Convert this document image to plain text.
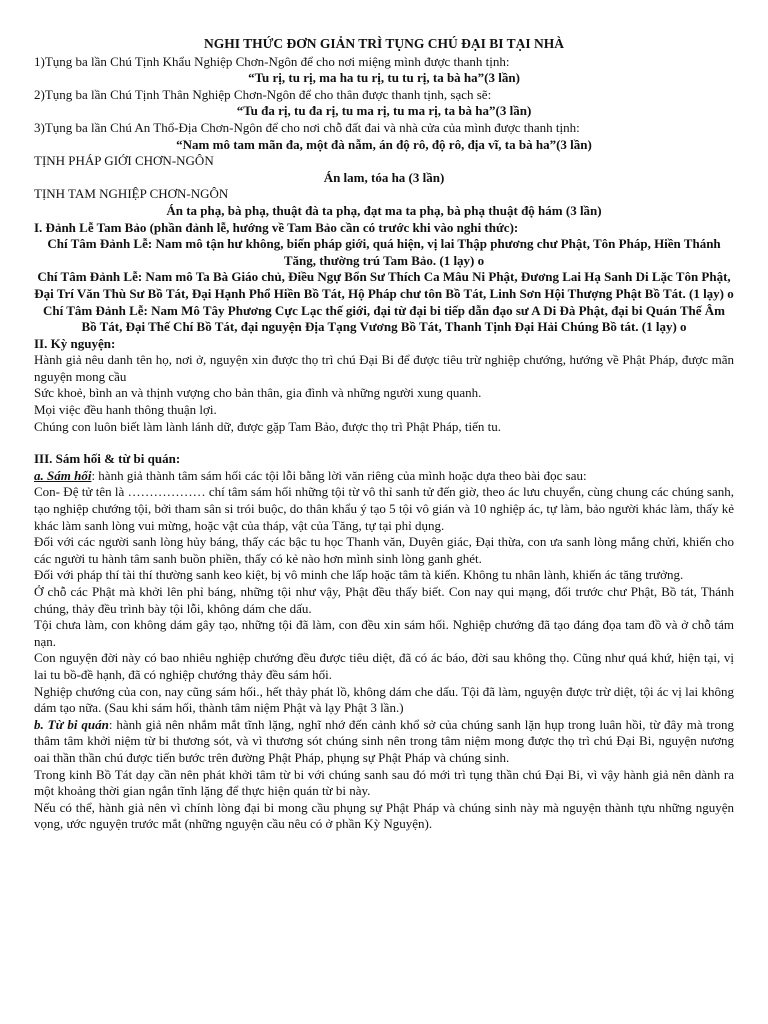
NGHI THỨC ĐƠN GIẢN TRÌ TỤNG CHÚ ĐẠI BI TẠI NHÀ

1)Tụng ba lần Chú Tịnh Khẩu Nghiệp Chơn-Ngôn để cho nơi miệng mình được thanh tịnh:

“Tu rị, tu rị, ma ha tu rị, tu tu rị, ta bà ha”(3 lần)

2)Tụng ba lần Chú Tịnh Thân Nghiệp Chơn-Ngôn để cho thân được thanh tịnh, sạch sẽ:

“Tu đa rị, tu đa rị, tu ma rị, tu ma rị, ta bà ha”(3 lần)

3)Tụng ba lần Chú An Thổ-Địa Chơn-Ngôn để cho nơi chỗ đất đai và nhà cửa của mình được thanh tịnh:

“Nam mô tam mãn đa, một đà nẫm, án độ rô, độ rô, địa vĩ, ta bà ha”(3 lần)

TỊNH PHÁP GIỚI CHƠN-NGÔN

Án lam, tóa ha (3 lần)

TỊNH TAM NGHIỆP CHƠN-NGÔN

Án ta phạ, bà phạ, thuật đà ta phạ, đạt ma ta phạ, bà phạ thuật độ hám (3 lần)

I. Đảnh Lễ Tam Bảo (phần đảnh lễ, hướng về Tam Bảo cần có trước khi vào nghi thức):

Chí Tâm Đảnh Lễ: Nam mô tận hư không, biến pháp giới, quá hiện, vị lai Thập phương chư Phật, Tôn Pháp, Hiền Thánh Tăng, thường trú Tam Bảo. (1 lạy) o

Chí Tâm Đảnh Lễ: Nam mô Ta Bà Giáo chủ, Điều Ngự Bổn Sư Thích Ca Mâu Ni Phật, Đương Lai Hạ Sanh Di Lặc Tôn Phật, Đại Trí Văn Thù Sư Bồ Tát, Đại Hạnh Phổ Hiền Bồ Tát, Hộ Pháp chư tôn Bồ Tát, Linh Sơn Hội Thượng Phật Bồ Tát. (1 lạy) o

Chí Tâm Đảnh Lễ: Nam Mô Tây Phương Cực Lạc thế giới, đại từ đại bi tiếp dẫn đạo sư A Di Đà Phật, đại bi Quán Thế Âm Bồ Tát, Đại Thế Chí Bồ Tát, đại nguyện Địa Tạng Vương Bồ Tát, Thanh Tịnh Đại Hải Chúng Bồ tát. (1 lạy) o

II. Kỳ nguyện:

Hành giả nêu danh tên họ, nơi ở, nguyện xin được thọ trì chú Đại Bi để được tiêu trừ nghiệp chướng, hướng về Phật Pháp, được mãn nguyện mong cầu

Sức khoẻ, bình an và thịnh vượng cho bản thân, gia đình và những người xung quanh.

Mọi việc đều hanh thông thuận lợi.

Chúng con luôn biết làm lành lánh dữ, được gặp Tam Bảo, được thọ trì Phật Pháp, tiến tu.

III. Sám hối & từ bi quán:

a. Sám hối: hành giả thành tâm sám hối các tội lỗi bằng lời văn riêng của mình hoặc dựa theo bài đọc sau:

Con- Đệ tử tên là ……………… chí tâm sám hối những tội từ vô thỉ sanh tử đến giờ, theo ác lưu chuyển, cùng chung các chúng sanh, tạo nghiệp chướng tội, bởi tham sân si trói buộc, do thân khẩu ý tạo 5 tội vô gián và 10 nghiệp ác, tự làm, bảo người khác làm, thấy kẻ khác làm sanh lòng vui mừng, hoặc vật của tháp, vật của Tăng, tự tại phỉ dụng.

Đối với các người sanh lòng hủy báng, thấy các bậc tu học Thanh văn, Duyên giác, Đại thừa, con ưa sanh lòng mắng chửi, khiến cho các người tu hành tâm sanh buồn phiền, thấy có kẻ nào hơn mình sinh lòng ganh ghét.

Đối với pháp thí tài thí thường sanh keo kiệt, bị vô minh che lấp hoặc tâm tà kiến. Không tu nhân lành, khiến ác tăng trưởng.

Ở chỗ các Phật mà khởi lên phỉ báng, những tội như vậy, Phật đều thấy biết. Con nay qui mạng, đối trước chư Phật, Bồ tát, Thánh chúng, thảy đều trình bày tội lỗi, không dám che dấu.

Tội chưa làm, con không dám gây tạo, những tội đã làm, con đều xin sám hối. Nghiệp chướng đã tạo đáng đọa tam đồ và ở chỗ tám nạn.

Con nguyện đời này có bao nhiêu nghiệp chướng đều được tiêu diệt, đã có ác báo, đời sau không thọ. Cũng như quá khứ, hiện tại, vị lai tu bồ-đề hạnh, đã có nghiệp chướng thảy đều sám hối.

Nghiệp chướng của con, nay cũng sám hối., hết thảy phát lồ, không dám che dấu. Tội đã làm, nguyện được trừ diệt, tội ác vị lai không dám tạo nữa. (Sau khi sám hối, thành tâm niệm Phật và lạy Phật 3 lần.)

b. Từ bi quán: hành giả nên nhắm mắt tĩnh lặng, nghĩ nhớ đến cảnh khổ sở của chúng sanh lặn hụp trong luân hồi, từ đây mà trong thâm tâm khởi niệm từ bi thương sót, và vì thương sót chúng sinh nên trong tâm niệm mong được thọ trì chú Đại Bi, nguyện nương oai thần thần chú được tiến bước trên đường Phật Pháp, phụng sự Phật Pháp và chúng sinh.

Trong kinh Bồ Tát dạy cần nên phát khởi tâm từ bi với chúng sanh sau đó mới trì tụng thần chú Đại Bi, vì vậy hành giả nên dành ra một khoảng thời gian ngắn tĩnh lặng để thực hiện quán từ bi này.

Nếu có thể, hành giả nên vì chính lòng đại bi mong cầu phụng sự Phật Pháp và chúng sinh này mà nguyện thành tựu những nguyện vọng, ước nguyện trước mắt (những nguyện cầu nêu có ở phần Kỳ Nguyện).
